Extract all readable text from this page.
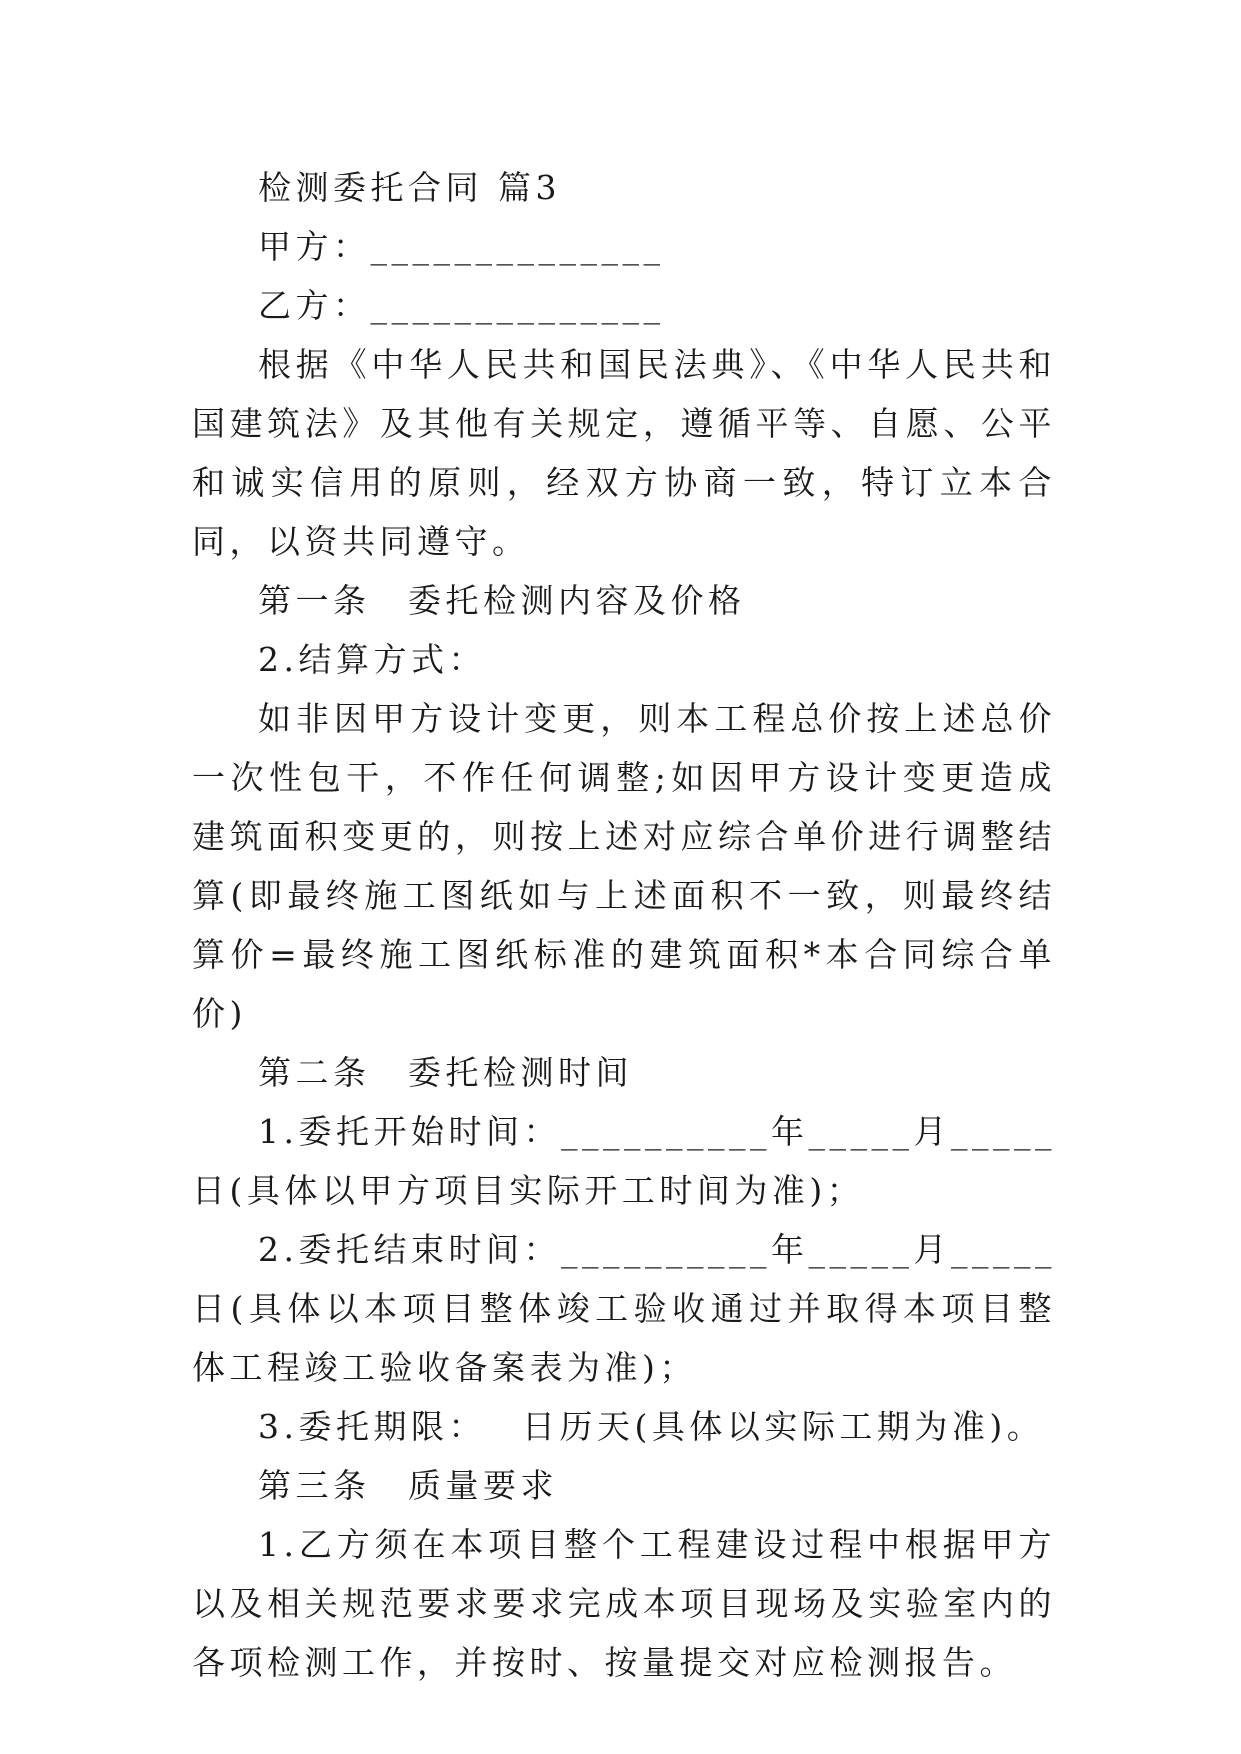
检测委托合同 篇3

甲方：______________

乙方：______________

根据《中华人民共和国民法典》、《中华人民共和国建筑法》及其他有关规定，遵循平等、自愿、公平和诚实信用的原则，经双方协商一致，特订立本合同，以资共同遵守。

第一条　委托检测内容及价格

2.结算方式：

如非因甲方设计变更，则本工程总价按上述总价一次性包干，不作任何调整;如因甲方设计变更造成建筑面积变更的，则按上述对应综合单价进行调整结算(即最终施工图纸如与上述面积不一致，则最终结算价=最终施工图纸标准的建筑面积*本合同综合单价)

第二条　委托检测时间

1.委托开始时间：__________年_____月_____日(具体以甲方项目实际开工时间为准)；

2.委托结束时间：__________年_____月_____日(具体以本项目整体竣工验收通过并取得本项目整体工程竣工验收备案表为准)；

3.委托期限：　 日历天(具体以实际工期为准)。

第三条　质量要求

1.乙方须在本项目整个工程建设过程中根据甲方以及相关规范要求要求完成本项目现场及实验室内的各项检测工作，并按时、按量提交对应检测报告。
